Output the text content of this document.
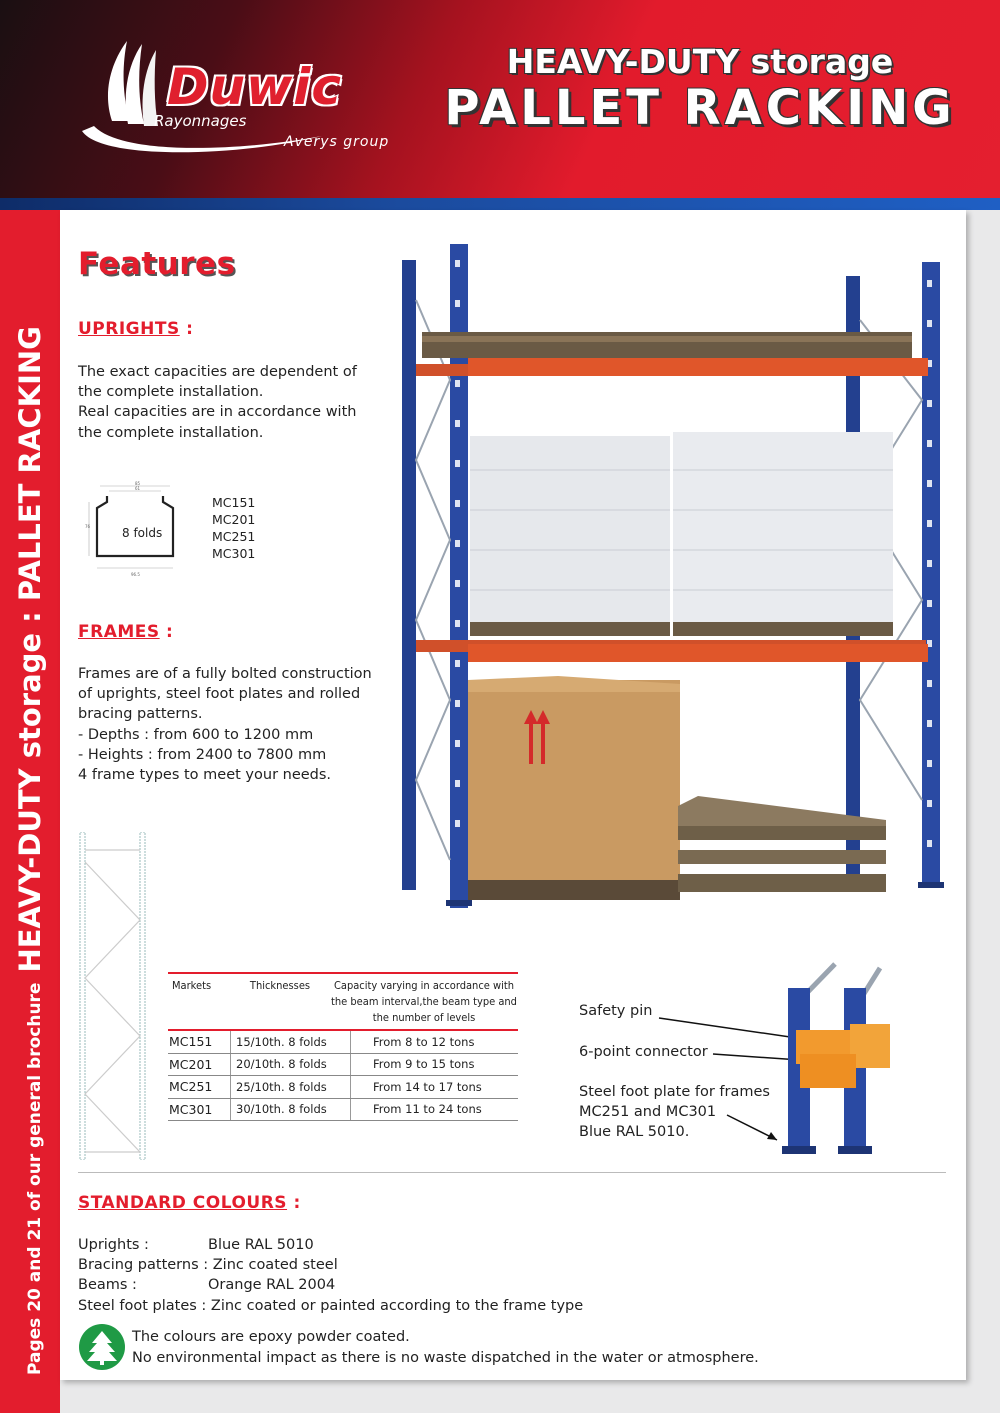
Duwic
Rayonnages
Averys group
HEAVY-DUTY storage
PALLET RACKING
Pages 20 and 21 of our general brochureHEAVY-DUTY storage : PALLET RACKING
Features
UPRIGHTS :
The exact capacities are dependent of
the complete installation.
Real capacities are in accordance with
the complete installation.
85
61
76
96.5
8 folds
MC151
MC201
MC251
MC301
FRAMES :
Frames are of a fully bolted construction
of uprights, steel foot plates and rolled
bracing patterns.
- Depths : from 600 to 1200 mm
- Heights : from 2400 to 7800 mm
4 frame types to meet your needs.
Markets	Thicknesses	Capacity varying in accordance with the beam interval,the beam type and the number of levels
MC151	15/10th. 8 folds	From 8 to 12 tons
MC201	20/10th. 8 folds	From 9 to 15 tons
MC251	25/10th. 8 folds	From 14 to 17 tons
MC301	30/10th. 8 folds	From 11 to 24 tons
Safety pin
6-point connector
Steel foot plate for frames
MC251 and MC301
Blue RAL 5010.
STANDARD COLOURS :
Uprights :	Blue RAL 5010
Bracing patterns : Zinc coated steel
Beams :	Orange RAL 2004
Steel foot plates : Zinc coated or painted according to the frame type
The colours are epoxy powder coated.
No environmental impact as there is no waste dispatched in the water or atmosphere.
